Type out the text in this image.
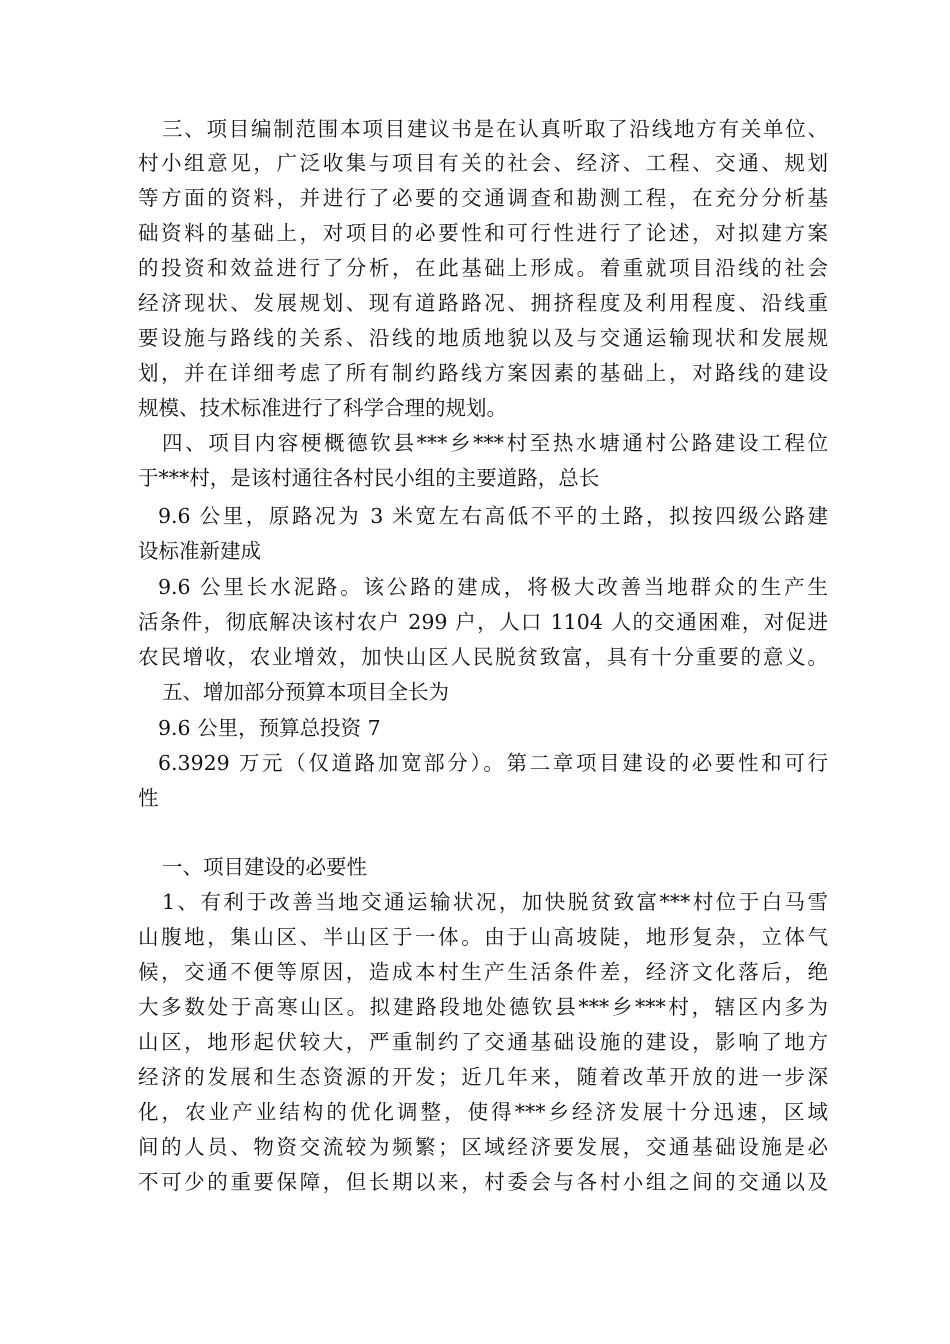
三、项目编制范围本项目建议书是在认真听取了沿线地方有关单位、
村小组意见，广泛收集与项目有关的社会、经济、工程、交通、规划
等方面的资料，并进行了必要的交通调查和勘测工程，在充分分析基
础资料的基础上，对项目的必要性和可行性进行了论述，对拟建方案
的投资和效益进行了分析，在此基础上形成。着重就项目沿线的社会
经济现状、发展规划、现有道路路况、拥挤程度及利用程度、沿线重
要设施与路线的关系、沿线的地质地貌以及与交通运输现状和发展规
划，并在详细考虑了所有制约路线方案因素的基础上，对路线的建设
规模、技术标准进行了科学合理的规划。
四、项目内容梗概德钦县***乡***村至热水塘通村公路建设工程位
于***村，是该村通往各村民小组的主要道路，总长
9.6 公里，原路况为 3 米宽左右高低不平的土路，拟按四级公路建
设标准新建成
9.6 公里长水泥路。该公路的建成，将极大改善当地群众的生产生
活条件，彻底解决该村农户 299 户，人口 1104 人的交通困难，对促进
农民增收，农业增效，加快山区人民脱贫致富，具有十分重要的意义。
五、增加部分预算本项目全长为
9.6 公里，预算总投资 7
6.3929 万元（仅道路加宽部分）。第二章项目建设的必要性和可行
性
一、项目建设的必要性
1、有利于改善当地交通运输状况，加快脱贫致富***村位于白马雪
山腹地，集山区、半山区于一体。由于山高坡陡，地形复杂，立体气
候，交通不便等原因，造成本村生产生活条件差，经济文化落后，绝
大多数处于高寒山区。拟建路段地处德钦县***乡***村，辖区内多为
山区，地形起伏较大，严重制约了交通基础设施的建设，影响了地方
经济的发展和生态资源的开发；近几年来，随着改革开放的进一步深
化，农业产业结构的优化调整，使得***乡经济发展十分迅速，区域
间的人员、物资交流较为频繁；区域经济要发展，交通基础设施是必
不可少的重要保障，但长期以来，村委会与各村小组之间的交通以及
